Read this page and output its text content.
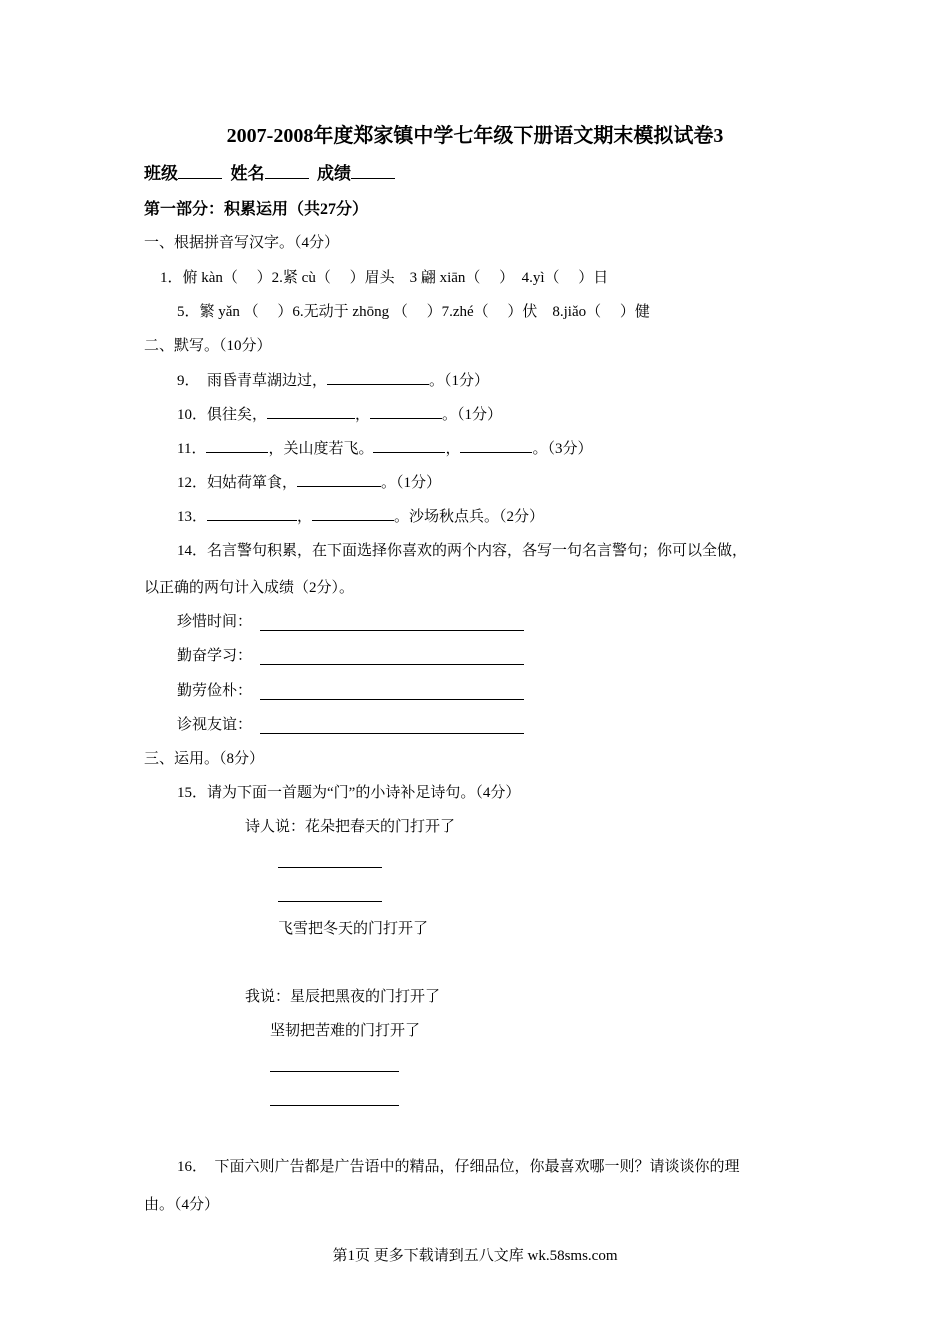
2007-2008年度郑家镇中学七年级下册语文期末模拟试卷3
班级	姓名	成绩
第一部分：积累运用（共27分）
一、根据拼音写汉字。（4分）
1．俯 kàn（　 ）2.紧 cù（　 ）眉头　3 翩 xiān（　 ）　4.yì（　 ）日
5．繁 yǎn （　 ）6.无动于 zhōng （　 ）7.zhé（　 ）伏　8.jiǎo（　 ）健
二、默写。（10分）
9．　雨昏青草湖边过，	。（1分）
10．俱往矣，	，	。（1分）
11．	，关山度若飞。	，	。（3分）
12．妇姑荷箪食，	。（1分）
13．	，	。沙场秋点兵。（2分）
14．名言警句积累，在下面选择你喜欢的两个内容，各写一句名言警句；你可以全做，
以正确的两句计入成绩（2分）。
珍惜时间：
勤奋学习：
勤劳俭朴：
诊视友谊：
三、运用。（8分）
15．请为下面一首题为“门”的小诗补足诗句。（4分）
诗人说：花朵把春天的门打开了
飞雪把冬天的门打开了
我说：星辰把黑夜的门打开了
坚韧把苦难的门打开了
16．　下面六则广告都是广告语中的精品，仔细品位，你最喜欢哪一则？请谈谈你的理
由。（4分）
第1页 更多下载请到五八文库 wk.58sms.com
